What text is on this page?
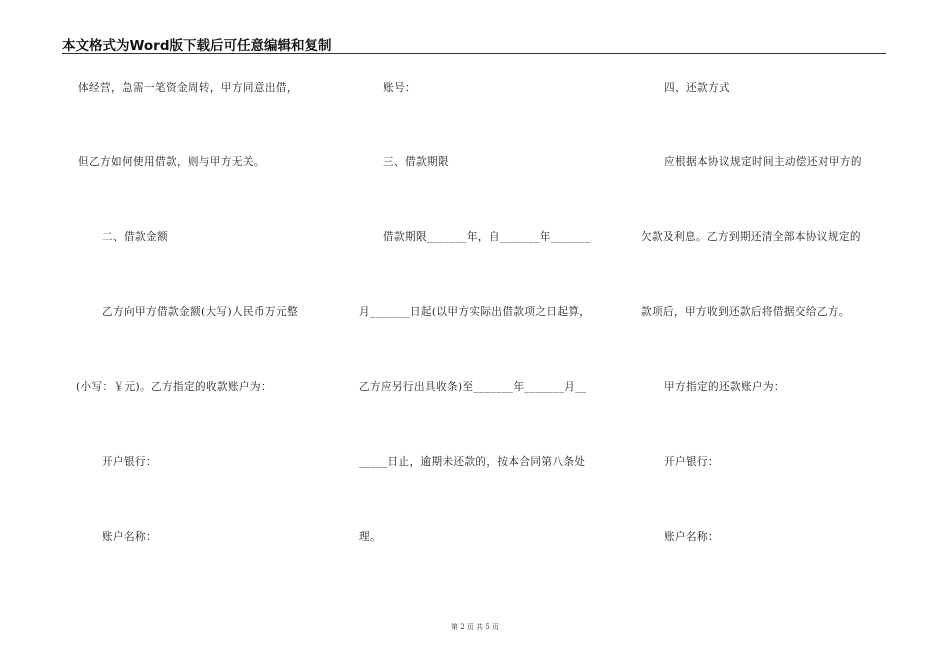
本文格式为Word版下载后可任意编辑和复制
体经营，急需一笔资金周转，甲方同意出借，
但乙方如何使用借款，则与甲方无关。
二、借款金额
乙方向甲方借款金额(大写)人民币万元整
(小写：￥元)。乙方指定的收款账户为：
开户银行：
账户名称：
账号：
三、借款期限
借款期限_______年，自_______年_______
月_______日起(以甲方实际出借款项之日起算，
乙方应另行出具收条)至_______年_______月__
_____日止，逾期未还款的，按本合同第八条处
理。
四、还款方式
应根据本协议规定时间主动偿还对甲方的
欠款及利息。乙方到期还清全部本协议规定的
款项后，甲方收到还款后将借据交给乙方。
甲方指定的还款账户为：
开户银行：
账户名称：
第 2 页 共 5 页
